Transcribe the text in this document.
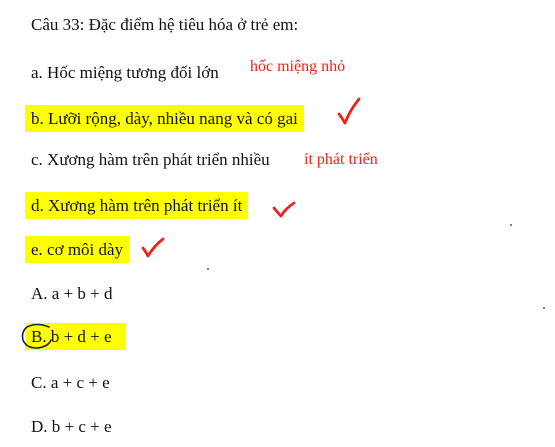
Câu 33: Đặc điểm hệ tiêu hóa ở trẻ em:
a. Hốc miệng tương đối lớn hốc miệng nhỏ
b. Lưỡi rộng, dày, nhiều nang và có gai
c. Xương hàm trên phát triển nhiều ít phát triển
d. Xương hàm trên phát triển ít
e. cơ môi dày
A. a + b + d
B. b + d + e
C. a + c + e
D. b + c + e
